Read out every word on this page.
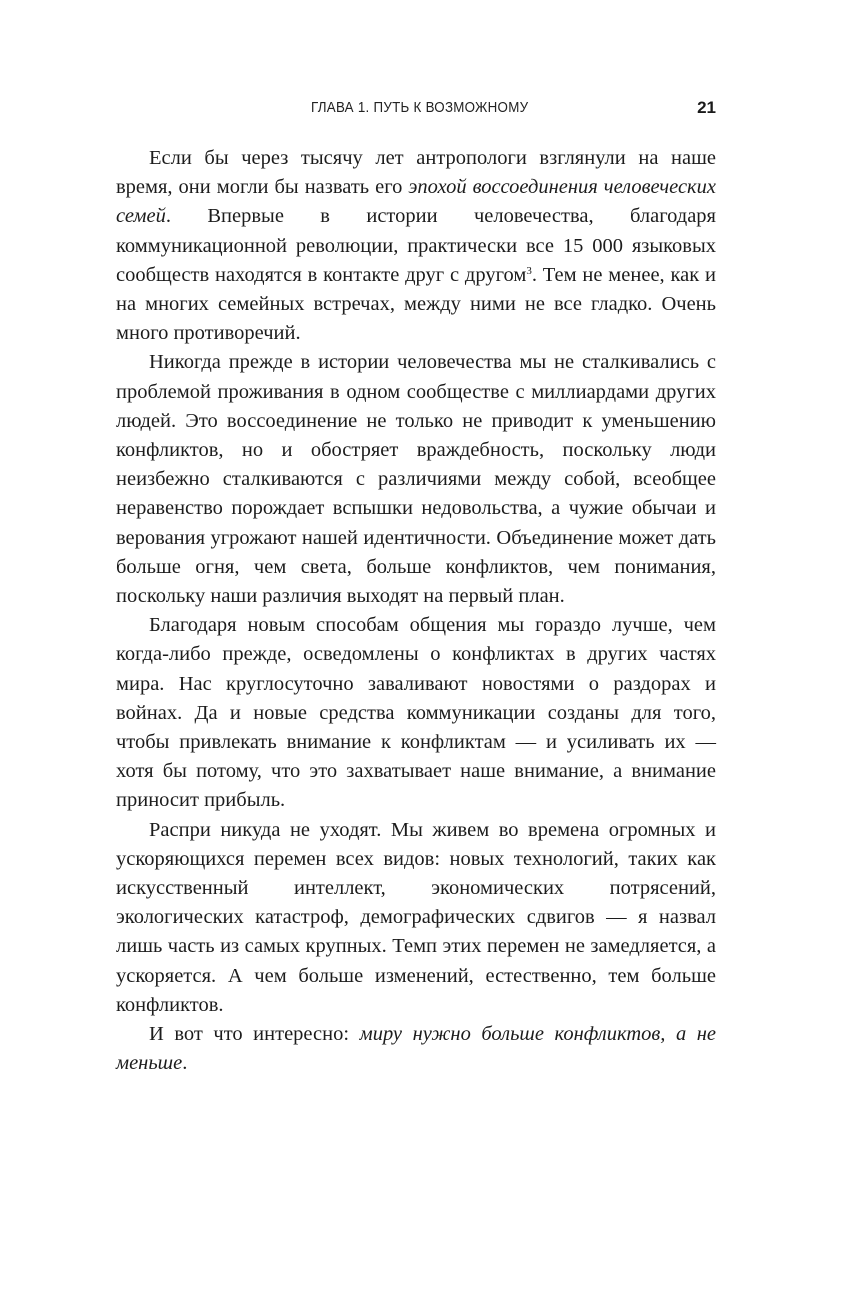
ГЛАВА 1. ПУТЬ К ВОЗМОЖНОМУ	21

Если бы через тысячу лет антропологи взглянули на наше время, они могли бы назвать его эпохой воссоединения человеческих семей. Впервые в истории человечества, благодаря коммуникационной революции, практически все 15 000 языковых сообществ находятся в контакте друг с другом$^3$. Тем не менее, как и на многих семейных встречах, между ними не все гладко. Очень много противоречий.

Никогда прежде в истории человечества мы не сталкивались с проблемой проживания в одном сообществе с миллиардами других людей. Это воссоединение не только не приводит к уменьшению конфликтов, но и обостряет враждебность, поскольку люди неизбежно сталкиваются с различиями между собой, всеобщее неравенство порождает вспышки недовольства, а чужие обычаи и верования угрожают нашей идентичности. Объединение может дать больше огня, чем света, больше конфликтов, чем понимания, поскольку наши различия выходят на первый план.

Благодаря новым способам общения мы гораздо лучше, чем когда-либо прежде, осведомлены о конфликтах в других частях мира. Нас круглосуточно заваливают новостями о раздорах и войнах. Да и новые средства коммуникации созданы для того, чтобы привлекать внимание к конфликтам — и усиливать их — хотя бы потому, что это захватывает наше внимание, а внимание приносит прибыль.

Распри никуда не уходят. Мы живем во времена огромных и ускоряющихся перемен всех видов: новых технологий, таких как искусственный интеллект, экономических потрясений, экологических катастроф, демографических сдвигов — я назвал лишь часть из самых крупных. Темп этих перемен не замедляется, а ускоряется. А чем больше изменений, естественно, тем больше конфликтов.

И вот что интересно: миру нужно больше конфликтов, а не меньше.
